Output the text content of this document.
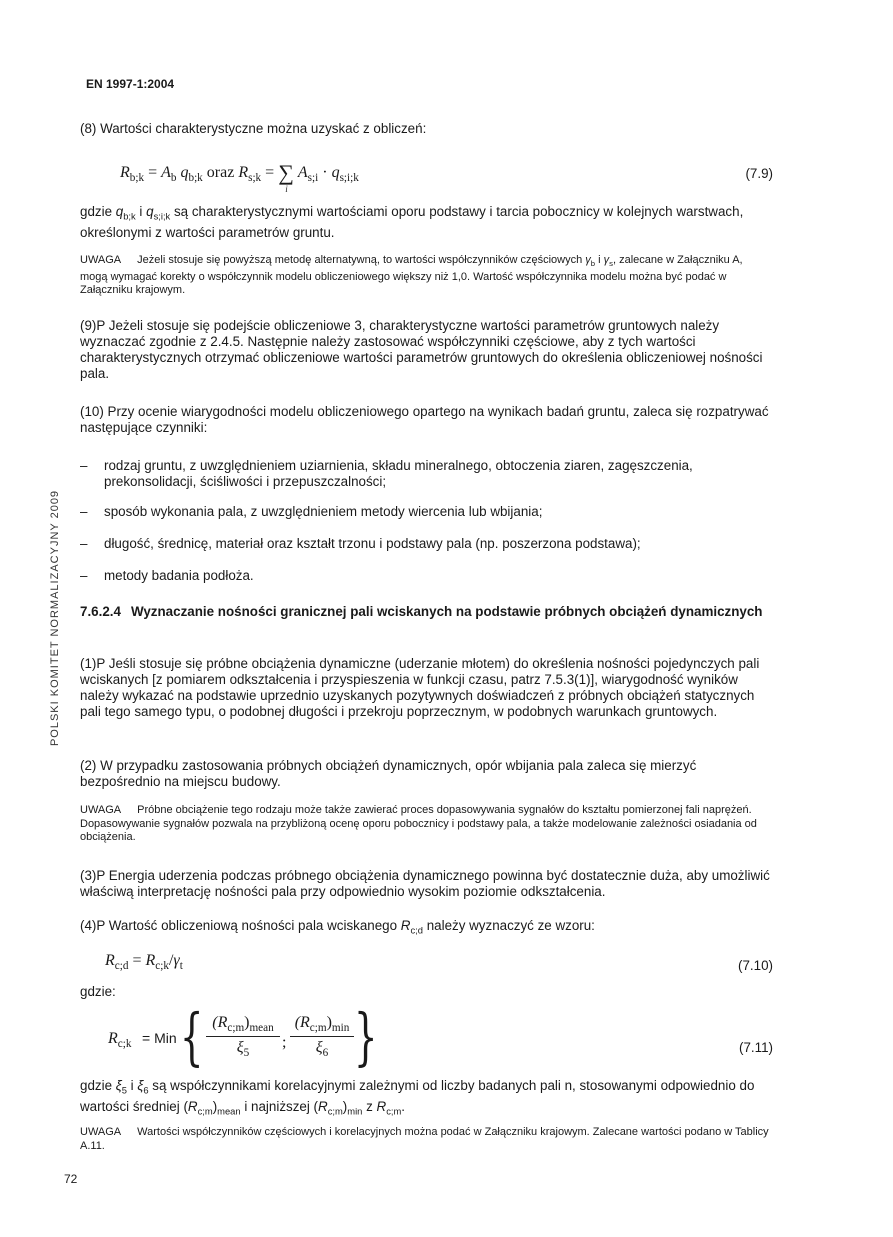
EN 1997-1:2004
POLSKI KOMITET NORMALIZACYJNY 2009

(8) Wartości charakterystyczne można uzyskać z obliczeń:

$R_{b;k} = A_b$ $q_{b;k}$ oraz $R_{s;k}$ = ∑
i
$A_{s;i} \cdot q_{s;i;k}$	(7.9)

gdzie $q_{b;k}$ i $q_{s;i;k}$ są charakterystycznymi wartościami oporu podstawy i tarcia pobocznicy w kolejnych warstwach, określonymi z wartości parametrów gruntu.

UWAGA Jeżeli stosuje się powyższą metodę alternatywną, to wartości współczynników częściowych $\gamma_b$ i $\gamma_s$, zalecane w Załączniku A, mogą wymagać korekty o współczynnik modelu obliczeniowego większy niż 1,0. Wartość współczynnika modelu można być podać w Załączniku krajowym.

(9)P Jeżeli stosuje się podejście obliczeniowe 3, charakterystyczne wartości parametrów gruntowych należy wyznaczać zgodnie z 2.4.5. Następnie należy zastosować współczynniki częściowe, aby z tych wartości charakterystycznych otrzymać obliczeniowe wartości parametrów gruntowych do określenia obliczeniowej nośności pala.

(10) Przy ocenie wiarygodności modelu obliczeniowego opartego na wynikach badań gruntu, zaleca się rozpatrywać następujące czynniki:

– rodzaj gruntu, z uwzględnieniem uziarnienia, składu mineralnego, obtoczenia ziaren, zagęszczenia, prekonsolidacji, ściśliwości i przepuszczalności;
– sposób wykonania pala, z uwzględnieniem metody wiercenia lub wbijania;
– długość, średnicę, materiał oraz kształt trzonu i podstawy pala (np. poszerzona podstawa);
– metody badania podłoża.

7.6.2.4 Wyznaczanie nośności granicznej pali wciskanych na podstawie próbnych obciążeń dynamicznych

(1)P Jeśli stosuje się próbne obciążenia dynamiczne (uderzanie młotem) do określenia nośności pojedynczych pali wciskanych [z pomiarem odkształcenia i przyspieszenia w funkcji czasu, patrz 7.5.3(1)], wiarygodność wyników należy wykazać na podstawie uprzednio uzyskanych pozytywnych doświadczeń z próbnych obciążeń statycznych pali tego samego typu, o podobnej długości i przekroju poprzecznym, w podobnych warunkach gruntowych.

(2) W przypadku zastosowania próbnych obciążeń dynamicznych, opór wbijania pala zaleca się mierzyć bezpośrednio na miejscu budowy.

UWAGA Próbne obciążenie tego rodzaju może także zawierać proces dopasowywania sygnałów do kształtu pomierzonej fali naprężeń. Dopasowywanie sygnałów pozwala na przybliżoną ocenę oporu pobocznicy i podstawy pala, a także modelowanie zależności osiadania od obciążenia.

(3)P Energia uderzenia podczas próbnego obciążenia dynamicznego powinna być dostatecznie duża, aby umożliwić właściwą interpretację nośności pala przy odpowiednio wysokim poziomie odkształcenia.

(4)P Wartość obliczeniową nośności pala wciskanego $R_{c;d}$ należy wyznaczyć ze wzoru:

$R_{c;d} = R_{c;k}/\gamma_t$	(7.10)

gdzie:

$R_{c;k}$ = Min { $(R_{c;m})_{mean}$
$\xi_5$
;
$(R_{c;m})_{min}$
$\xi_6$ }	(7.11)

gdzie $\xi_5$ i $\xi_6$ są współczynnikami korelacyjnymi zależnymi od liczby badanych pali n, stosowanymi odpowiednio do wartości średniej $(R_{c;m})_{mean}$ i najniższej $(R_{c;m})_{min}$ z $R_{c;m}$.

UWAGA Wartości współczynników częściowych i korelacyjnych można podać w Załączniku krajowym. Zalecane wartości podano w Tablicy A.11.

72
